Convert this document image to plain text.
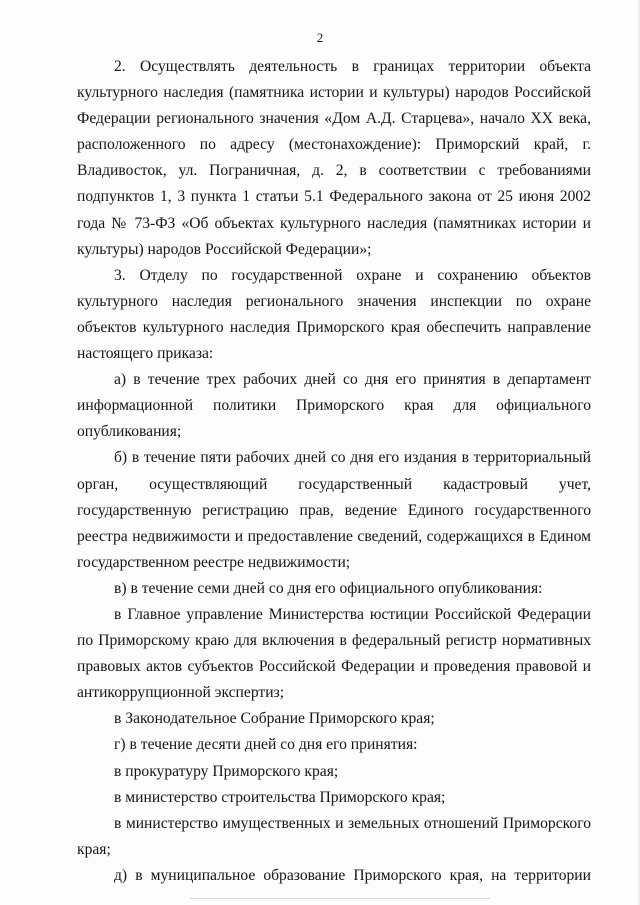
2

2. Осуществлять деятельность в границах территории объекта культурного наследия (памятника истории и культуры) народов Российской Федерации регионального значения «Дом А.Д. Старцева», начало XX века, расположенного по адресу (местонахождение): Приморский край, г. Владивосток, ул. Пограничная, д. 2, в соответствии с требованиями подпунктов 1, 3 пункта 1 статьи 5.1 Федерального закона от 25 июня 2002 года № 73-ФЗ «Об объектах культурного наследия (памятниках истории и культуры) народов Российской Федерации»;

3. Отделу по государственной охране и сохранению объектов культурного наследия регионального значения инспекции по охране объектов культурного наследия Приморского края обеспечить направление настоящего приказа:

а) в течение трех рабочих дней со дня его принятия в департамент информационной политики Приморского края для официального опубликования;

б) в течение пяти рабочих дней со дня его издания в территориальный орган, осуществляющий государственный кадастровый учет, государственную регистрацию прав, ведение Единого государственного реестра недвижимости и предоставление сведений, содержащихся в Едином государственном реестре недвижимости;

в) в течение семи дней со дня его официального опубликования:

в Главное управление Министерства юстиции Российской Федерации по Приморскому краю для включения в федеральный регистр нормативных правовых актов субъектов Российской Федерации и проведения правовой и антикоррупционной экспертиз;

в Законодательное Собрание Приморского края;

г) в течение десяти дней со дня его принятия:

в прокуратуру Приморского края;

в министерство строительства Приморского края;

в министерство имущественных и земельных отношений Приморского края;

д) в муниципальное образование Приморского края, на территории
